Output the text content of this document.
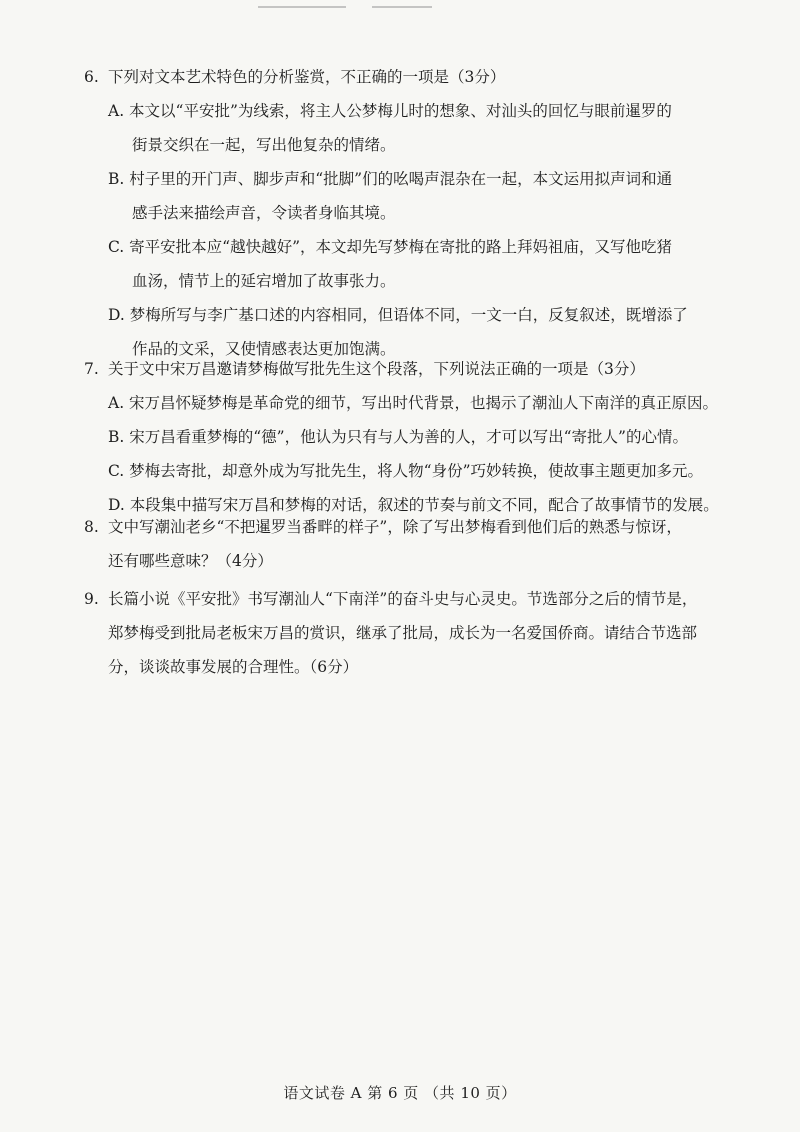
6. 下列对文本艺术特色的分析鉴赏，不正确的一项是（3分）
A. 本文以“平安批”为线索，将主人公梦梅儿时的想象、对汕头的回忆与眼前暹罗的
街景交织在一起，写出他复杂的情绪。
B. 村子里的开门声、脚步声和“批脚”们的吆喝声混杂在一起，本文运用拟声词和通
感手法来描绘声音，令读者身临其境。
C. 寄平安批本应“越快越好”，本文却先写梦梅在寄批的路上拜妈祖庙，又写他吃猪
血汤，情节上的延宕增加了故事张力。
D. 梦梅所写与李广基口述的内容相同，但语体不同，一文一白，反复叙述，既增添了
作品的文采，又使情感表达更加饱满。
7. 关于文中宋万昌邀请梦梅做写批先生这个段落，下列说法正确的一项是（3分）
A. 宋万昌怀疑梦梅是革命党的细节，写出时代背景，也揭示了潮汕人下南洋的真正原因。
B. 宋万昌看重梦梅的“德”，他认为只有与人为善的人，才可以写出“寄批人”的心情。
C. 梦梅去寄批，却意外成为写批先生，将人物“身份”巧妙转换，使故事主题更加多元。
D. 本段集中描写宋万昌和梦梅的对话，叙述的节奏与前文不同，配合了故事情节的发展。
8. 文中写潮汕老乡“不把暹罗当番畔的样子”，除了写出梦梅看到他们后的熟悉与惊讶，
还有哪些意味？（4分）
9. 长篇小说《平安批》书写潮汕人“下南洋”的奋斗史与心灵史。节选部分之后的情节是，
郑梦梅受到批局老板宋万昌的赏识，继承了批局，成长为一名爱国侨商。请结合节选部
分，谈谈故事发展的合理性。（6分）
语文试卷 A 第 6 页 （共 10 页）
